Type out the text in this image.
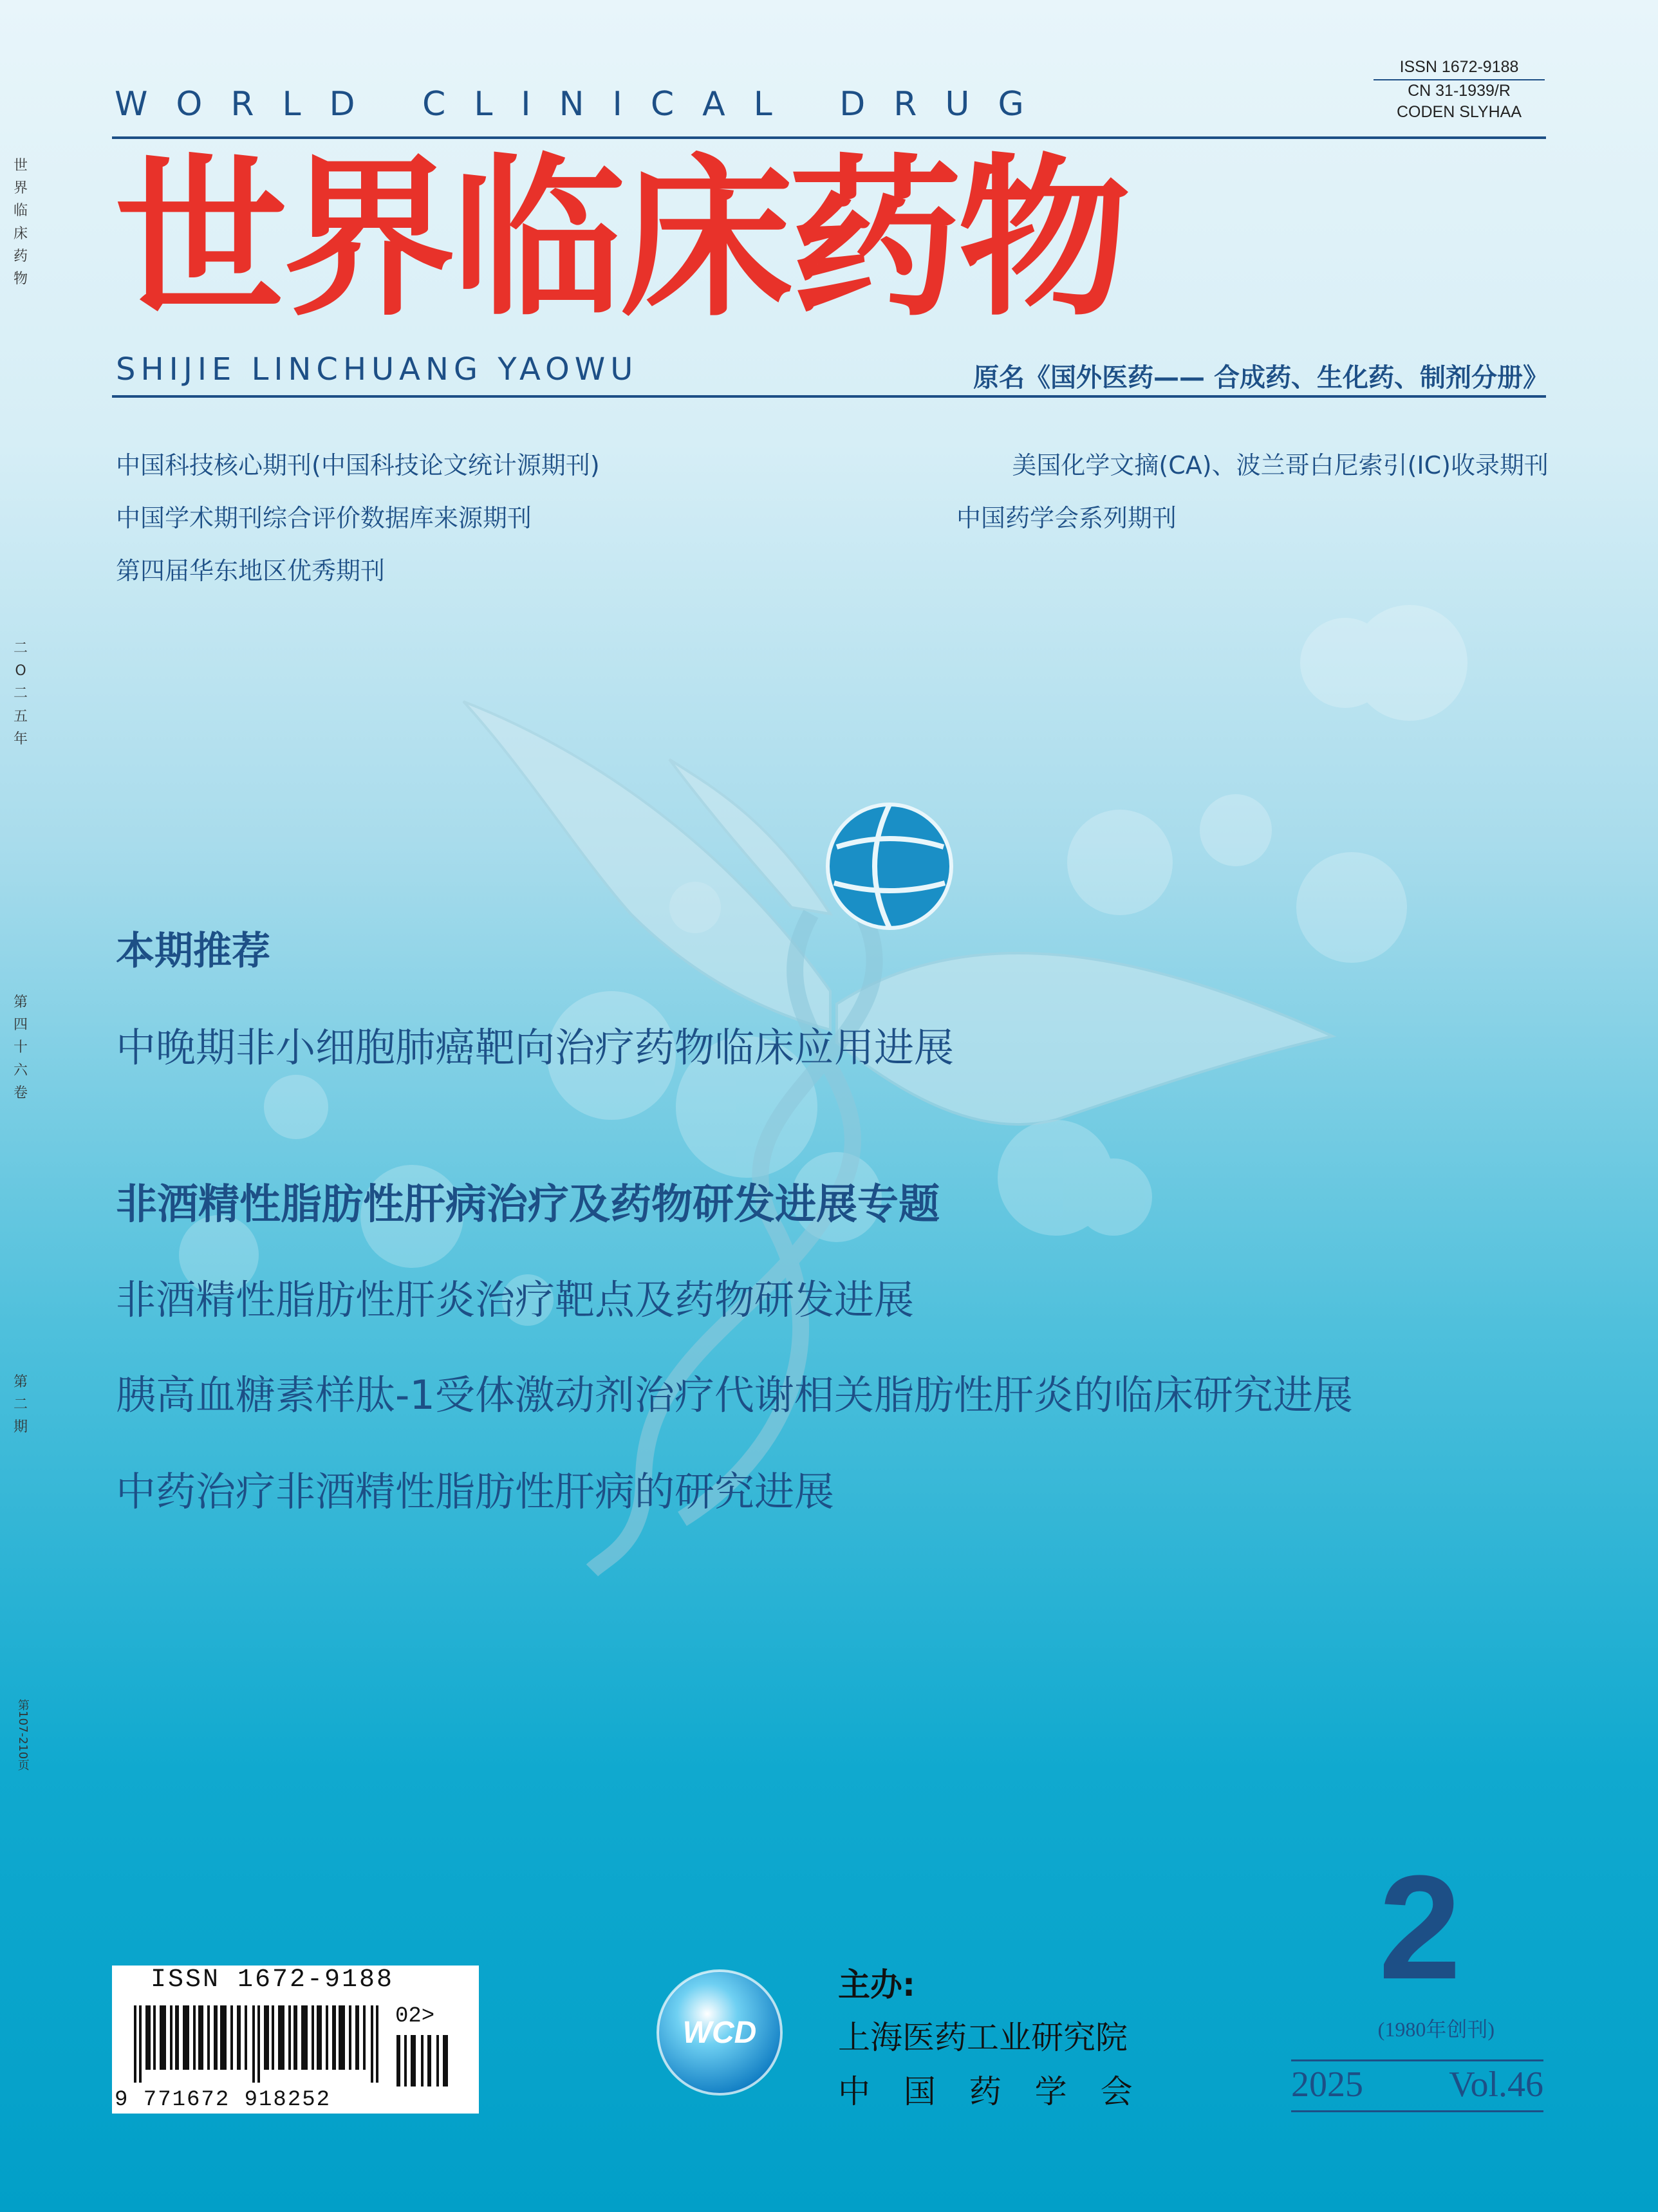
世
界
临
床
药
物
二
O
二
五
年
第
四
十
六
卷
第
二
期
第107-210页
WORLD CLINICAL DRUG
ISSN 1672-9188
CN 31-1939/R
CODEN SLYHAA
世界临床药物
SHIJIE LINCHUANG YAOWU	原名《国外医药—— 合成药、生化药、制剂分册》
中国科技核心期刊(中国科技论文统计源期刊)
中国学术期刊综合评价数据库来源期刊
第四届华东地区优秀期刊
美国化学文摘(CA)、波兰哥白尼索引(IC)收录期刊
中国药学会系列期刊
本期推荐
中晚期非小细胞肺癌靶向治疗药物临床应用进展
非酒精性脂肪性肝病治疗及药物研发进展专题
非酒精性脂肪性肝炎治疗靶点及药物研发进展
胰高血糖素样肽-1受体激动剂治疗代谢相关脂肪性肝炎的临床研究进展
中药治疗非酒精性脂肪性肝病的研究进展
ISSN 1672-9188
02>
9 771672 918252
WCD
主办:
上海医药工业研究院
中 国 药 学 会
2
(1980年创刊)
2025 Vol.46
